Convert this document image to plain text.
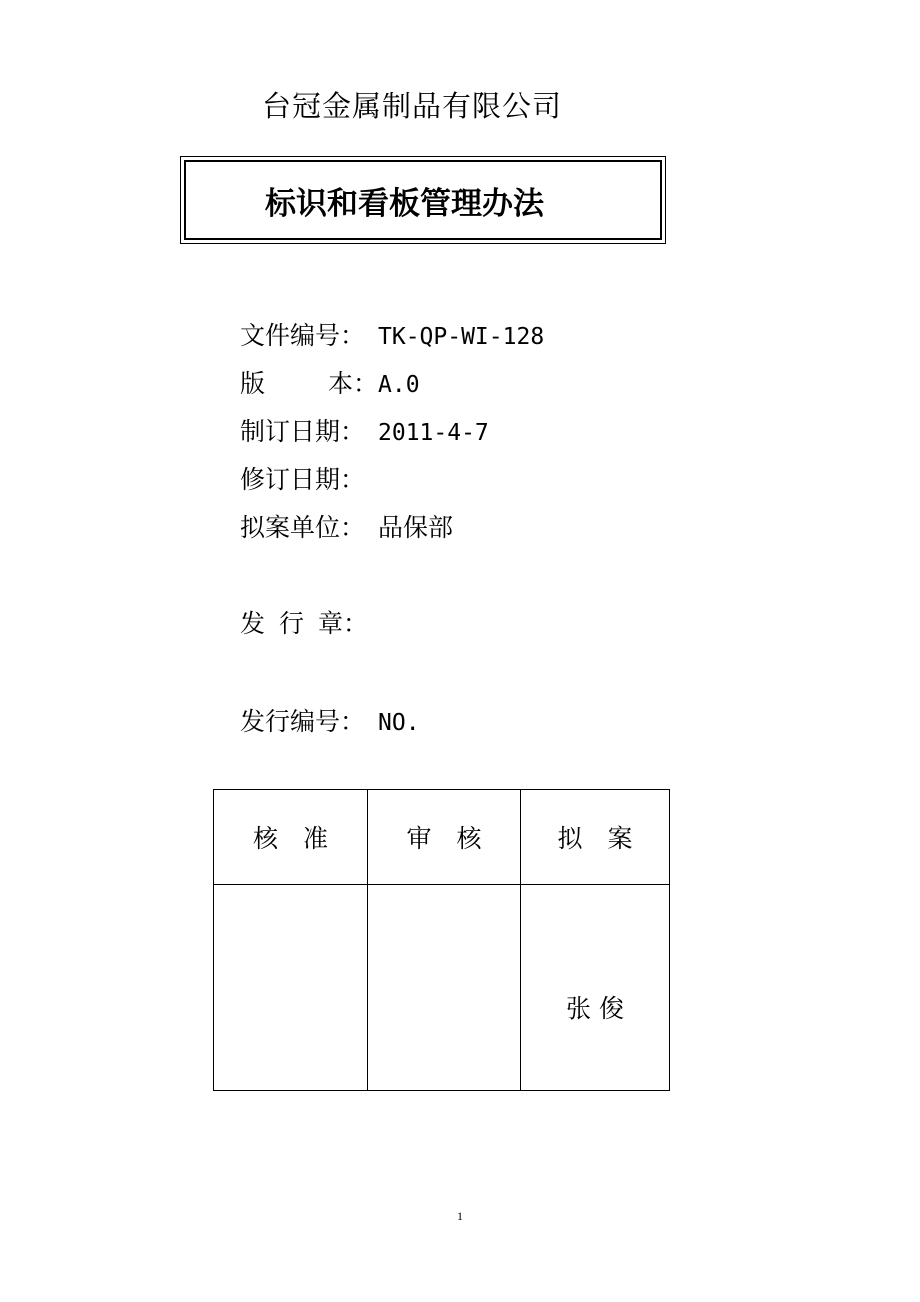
台冠金属制品有限公司
标识和看板管理办法
文件编号： TK-QP-WI-128
版	本： A.0
制订日期： 2011-4-7
修订日期：
拟案单位： 品保部
发 行 章：
发行编号： NO.
核　准	审　核	拟　案

		张 俊
1
